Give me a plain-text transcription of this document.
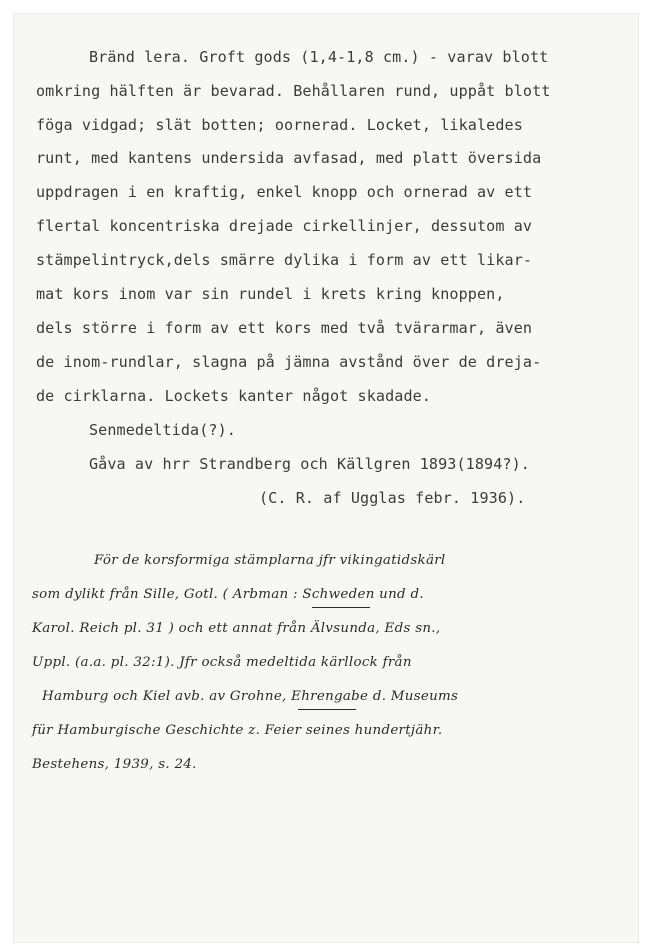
Bränd lera. Groft gods (1,4-1,8 cm.) - varav blott
omkring hälften är bevarad. Behållaren rund, uppåt blott
föga vidgad; slät botten; oornerad. Locket, likaledes
runt, med kantens undersida avfasad, med platt översida
uppdragen i en kraftig, enkel knopp och ornerad av ett
flertal koncentriska drejade cirkellinjer, dessutom av
stämpelintryck,dels smärre dylika i form av ett likar-
mat kors inom var sin rundel i krets kring knoppen,
dels större i form av ett kors med två tvärarmar, även
de inom-rundlar, slagna på jämna avstånd över de dreja-
de cirklarna. Lockets kanter något skadade.
Senmedeltida(?).
Gåva av hrr Strandberg och Källgren 1893(1894?).
(C. R. af Ugglas febr. 1936).
För de korsformiga stämplarna jfr vikingatidskärl
som dylikt från Sille, Gotl. ( Arbman : Schweden und d.
Karol. Reich pl. 31 ) och ett annat från Älvsunda, Eds sn.,
Uppl. (a.a. pl. 32:1). Jfr också medeltida kärllock från
Hamburg och Kiel avb. av Grohne, Ehrengabe d. Museums
für Hamburgische Geschichte z. Feier seines hundertjähr.
Bestehens, 1939, s. 24.
